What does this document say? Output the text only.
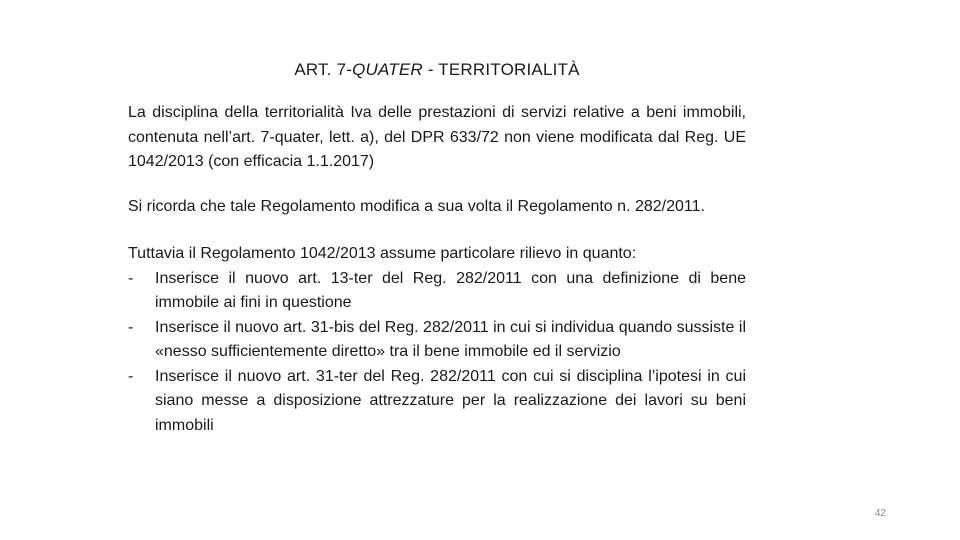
ART. 7-QUATER - TERRITORIALITÀ

La disciplina della territorialità Iva delle prestazioni di servizi relative a beni immobili, contenuta nell’art. 7-quater, lett. a), del DPR 633/72 non viene modificata dal Reg. UE 1042/2013 (con efficacia 1.1.2017)

Si ricorda che tale Regolamento modifica a sua volta il Regolamento n. 282/2011.

Tuttavia il Regolamento 1042/2013 assume particolare rilievo in quanto:

-	Inserisce il nuovo art. 13-ter del Reg. 282/2011 con una definizione di bene immobile ai fini in questione
-	Inserisce il nuovo art. 31-bis del Reg. 282/2011 in cui si individua quando sussiste il «nesso sufficientemente diretto» tra il bene immobile ed il servizio
-	Inserisce il nuovo art. 31-ter del Reg. 282/2011 con cui si disciplina l’ipotesi in cui siano messe a disposizione attrezzature per la realizzazione dei lavori su beni immobili
42
